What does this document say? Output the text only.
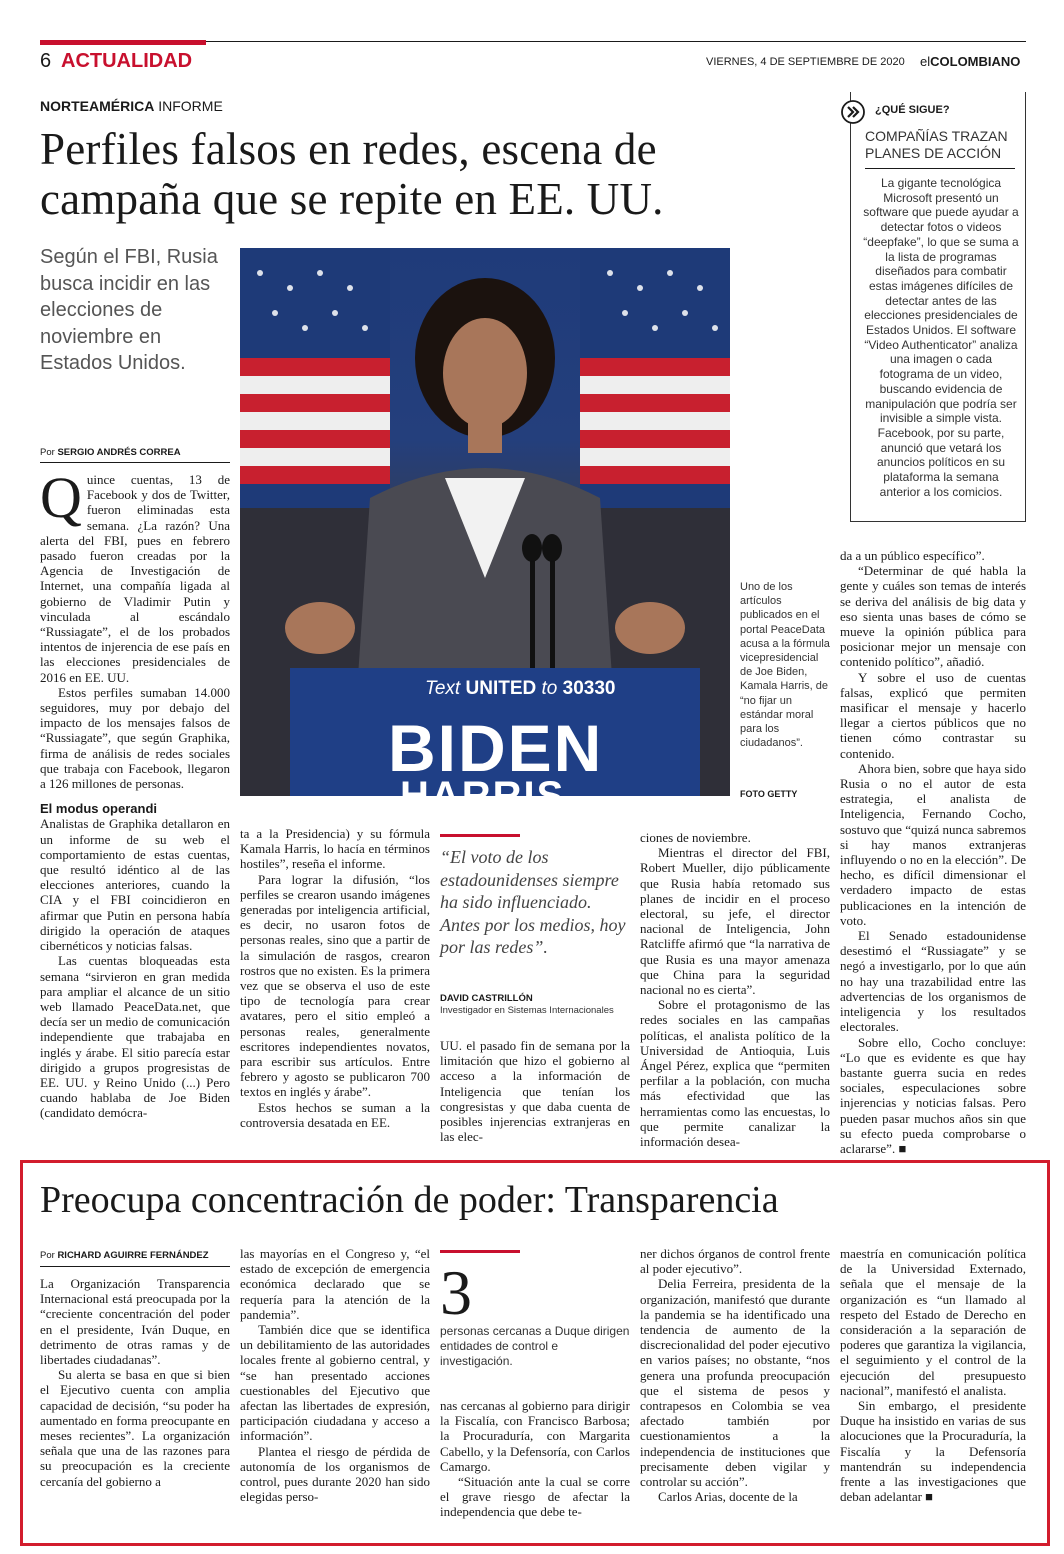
6 ACTUALIDAD	VIERNES, 4 DE SEPTIEMBRE DE 2020 elCOLOMBIANO
NORTEAMÉRICA INFORME
Perfiles falsos en redes, escena de campaña que se repite en EE. UU.
Según el FBI, Rusia busca incidir en las elecciones de noviembre en Estados Unidos.
Por SERGIO ANDRÉS CORREA

Quince cuentas, 13 de Facebook y dos de Twitter, fueron eliminadas esta semana. ¿La razón? Una alerta del FBI, pues en febrero pasado fueron creadas por la Agencia de Investigación de Internet, una compañía ligada al gobierno de Vladimir Putin y vinculada al escándalo “Russiagate”, el de los probados intentos de injerencia de ese país en las elecciones presidenciales de 2016 en EE. UU.

Estos perfiles sumaban 14.000 seguidores, muy por debajo del impacto de los mensajes falsos de “Russiagate”, que según Graphika, firma de análisis de redes sociales que trabaja con Facebook, llegaron a 126 millones de personas.

El modus operandi

Analistas de Graphika detallaron en un informe de su web el comportamiento de estas cuentas, que resultó idéntico al de las elecciones anteriores, cuando la CIA y el FBI coincidieron en afirmar que Putin en persona había dirigido la operación de ataques cibernéticos y noticias falsas.

Las cuentas bloqueadas esta semana “sirvieron en gran medida para ampliar el alcance de un sitio web llamado PeaceData.net, que decía ser un medio de comunicación independiente que trabajaba en inglés y árabe. El sitio parecía estar dirigido a grupos progresistas de EE. UU. y Reino Unido (...) Pero cuando hablaba de Joe Biden (candidato demócra-

Text UNITED to 30330
BIDEN
HARRIS
Uno de los artículos publicados en el portal PeaceData acusa a la fórmula vicepresidencial de Joe Biden, Kamala Harris, de “no fijar un estándar moral para los ciudadanos”.
FOTO GETTY
¿QUÉ SIGUE?
COMPAÑÍAS TRAZAN PLANES DE ACCIÓN
La gigante tecnológica Microsoft presentó un software que puede ayudar a detectar fotos o videos “deepfake”, lo que se suma a la lista de programas diseñados para combatir estas imágenes difíciles de detectar antes de las elecciones presidenciales de Estados Unidos. El software “Video Authenticator” analiza una imagen o cada fotograma de un video, buscando evidencia de manipulación que podría ser invisible a simple vista. Facebook, por su parte, anunció que vetará los anuncios políticos en su plataforma la semana anterior a los comicios.

ta a la Presidencia) y su fórmula Kamala Harris, lo hacía en términos hostiles”, reseña el informe.

Para lograr la difusión, “los perfiles se crearon usando imágenes generadas por inteligencia artificial, es decir, no usaron fotos de personas reales, sino que a partir de la simulación de rasgos, crearon rostros que no existen. Es la primera vez que se observa el uso de este tipo de tecnología para crear avatares, pero el sitio empleó a personas reales, generalmente escritores independientes novatos, para escribir sus artículos. Entre febrero y agosto se publicaron 700 textos en inglés y árabe”.

Estos hechos se suman a la controversia desatada en EE.

“El voto de los estadounidenses siempre ha sido influenciado. Antes por los medios, hoy por las redes”.
DAVID CASTRILLÓN
Investigador en Sistemas Internacionales

UU. el pasado fin de semana por la limitación que hizo el gobierno al acceso a la información de Inteligencia que tenían los congresistas y que daba cuenta de posibles injerencias extranjeras en las elec-

ciones de noviembre.

Mientras el director del FBI, Robert Mueller, dijo públicamente que Rusia había retomado sus planes de incidir en el proceso electoral, su jefe, el director nacional de Inteligencia, John Ratcliffe afirmó que “la narrativa de que Rusia es una mayor amenaza que China para la seguridad nacional no es cierta”.

Sobre el protagonismo de las redes sociales en las campañas políticas, el analista político de la Universidad de Antioquia, Luis Ángel Pérez, explica que “permiten perfilar a la población, con mucha más efectividad que las herramientas como las encuestas, lo que permite canalizar la información desea-

da a un público específico”.

“Determinar de qué habla la gente y cuáles son temas de interés se deriva del análisis de big data y eso sienta unas bases de cómo se mueve la opinión pública para posicionar mejor un mensaje con contenido político”, añadió.

Y sobre el uso de cuentas falsas, explicó que permiten masificar el mensaje y hacerlo llegar a ciertos públicos que no tienen cómo contrastar su contenido.

Ahora bien, sobre que haya sido Rusia o no el autor de esta estrategia, el analista de Inteligencia, Fernando Cocho, sostuvo que “quizá nunca sabremos si hay manos extranjeras influyendo o no en la elección”. De hecho, es difícil dimensionar el verdadero impacto de estas publicaciones en la intención de voto.

El Senado estadounidense desestimó el “Russiagate” y se negó a investigarlo, por lo que aún no hay una trazabilidad entre las advertencias de los organismos de inteligencia y los resultados electorales.

Sobre ello, Cocho concluye: “Lo que es evidente es que hay bastante guerra sucia en redes sociales, especulaciones sobre injerencias y noticias falsas. Pero pueden pasar muchos años sin que su efecto pueda comprobarse o aclararse”. ■

Preocupa concentración de poder: Transparencia
Por RICHARD AGUIRRE FERNÁNDEZ

La Organización Transparencia Internacional está preocupada por la “creciente concentración del poder en el presidente, Iván Duque, en detrimento de otras ramas y de libertades ciudadanas”.

Su alerta se basa en que si bien el Ejecutivo cuenta con amplia capacidad de decisión, “su poder ha aumentado en forma preocupante en meses recientes”. La organización señala que una de las razones para su preocupación es la creciente cercanía del gobierno a

las mayorías en el Congreso y, “el estado de excepción de emergencia económica declarado que se requería para la atención de la pandemia”.

También dice que se identifica un debilitamiento de las autoridades locales frente al gobierno central, y “se han presentado acciones cuestionables del Ejecutivo que afectan las libertades de expresión, participación ciudadana y acceso a información”.

Plantea el riesgo de pérdida de autonomía de los organismos de control, pues durante 2020 han sido elegidas perso-

3
personas cercanas a Duque dirigen entidades de control e investigación.

nas cercanas al gobierno para dirigir la Fiscalía, con Francisco Barbosa; la Procuraduría, con Margarita Cabello, y la Defensoría, con Carlos Camargo.

“Situación ante la cual se corre el grave riesgo de afectar la independencia que debe te-

ner dichos órganos de control frente al poder ejecutivo”.

Delia Ferreira, presidenta de la organización, manifestó que durante la pandemia se ha identificado una tendencia de aumento de la discrecionalidad del poder ejecutivo en varios países; no obstante, “nos genera una profunda preocupación que el sistema de pesos y contrapesos en Colombia se vea afectado también por cuestionamientos a la independencia de instituciones que precisamente deben vigilar y controlar su acción”.

Carlos Arias, docente de la

maestría en comunicación política de la Universidad Externado, señala que el mensaje de la organización es “un llamado al respeto del Estado de Derecho en consideración a la separación de poderes que garantiza la vigilancia, el seguimiento y el control de la ejecución del presupuesto nacional”, manifestó el analista.

Sin embargo, el presidente Duque ha insistido en varias de sus alocuciones que la Procuraduría, la Fiscalía y la Defensoría mantendrán su independencia frente a las investigaciones que deban adelantar ■
